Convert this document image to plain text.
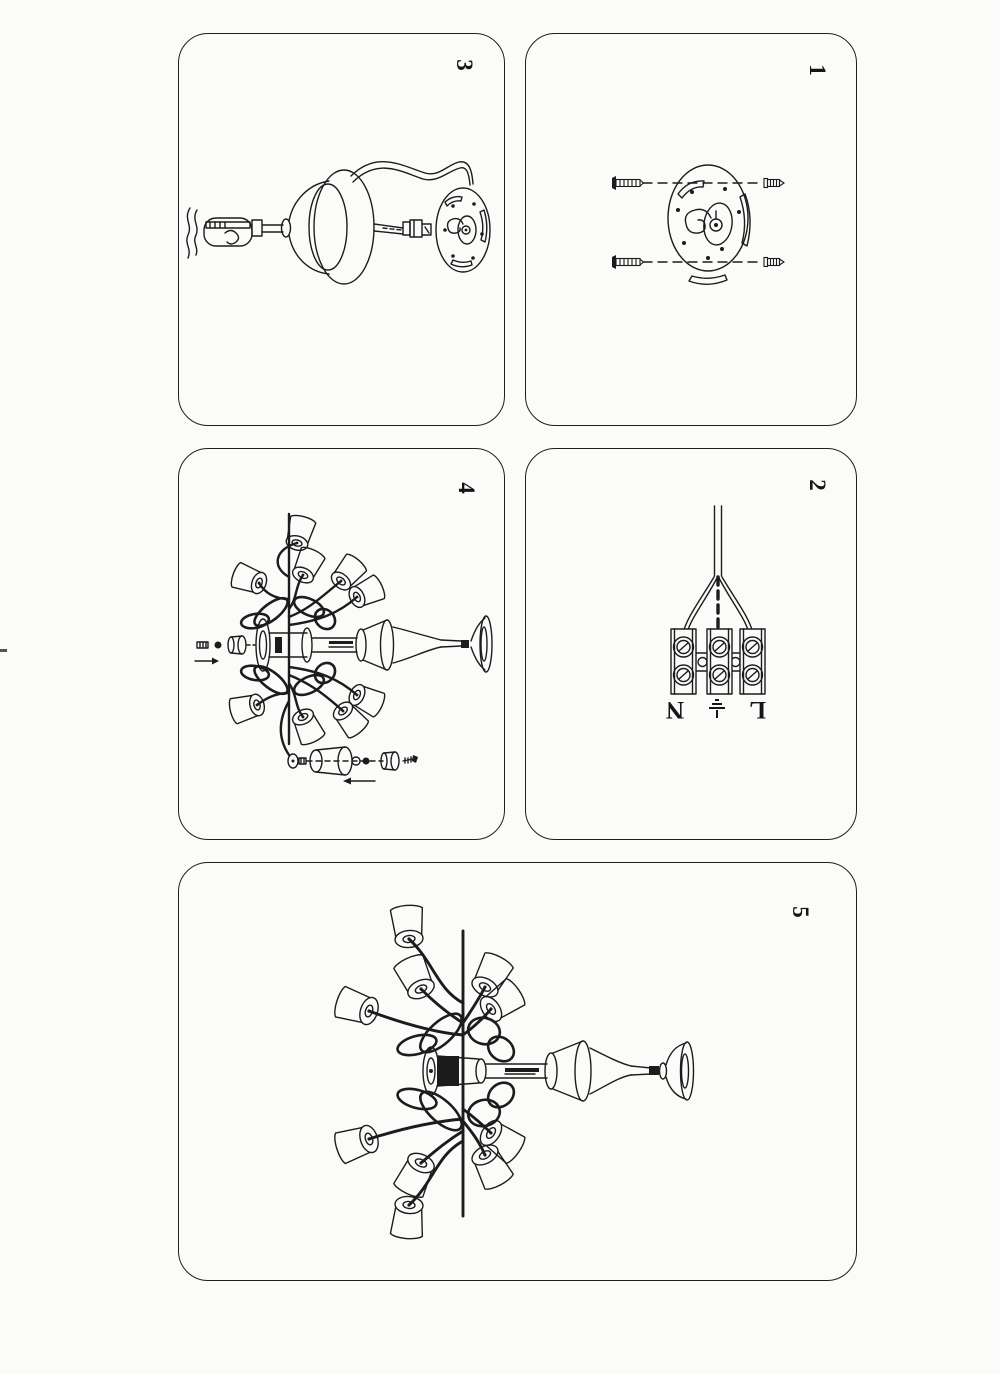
3	1
4	2
L
N
5
